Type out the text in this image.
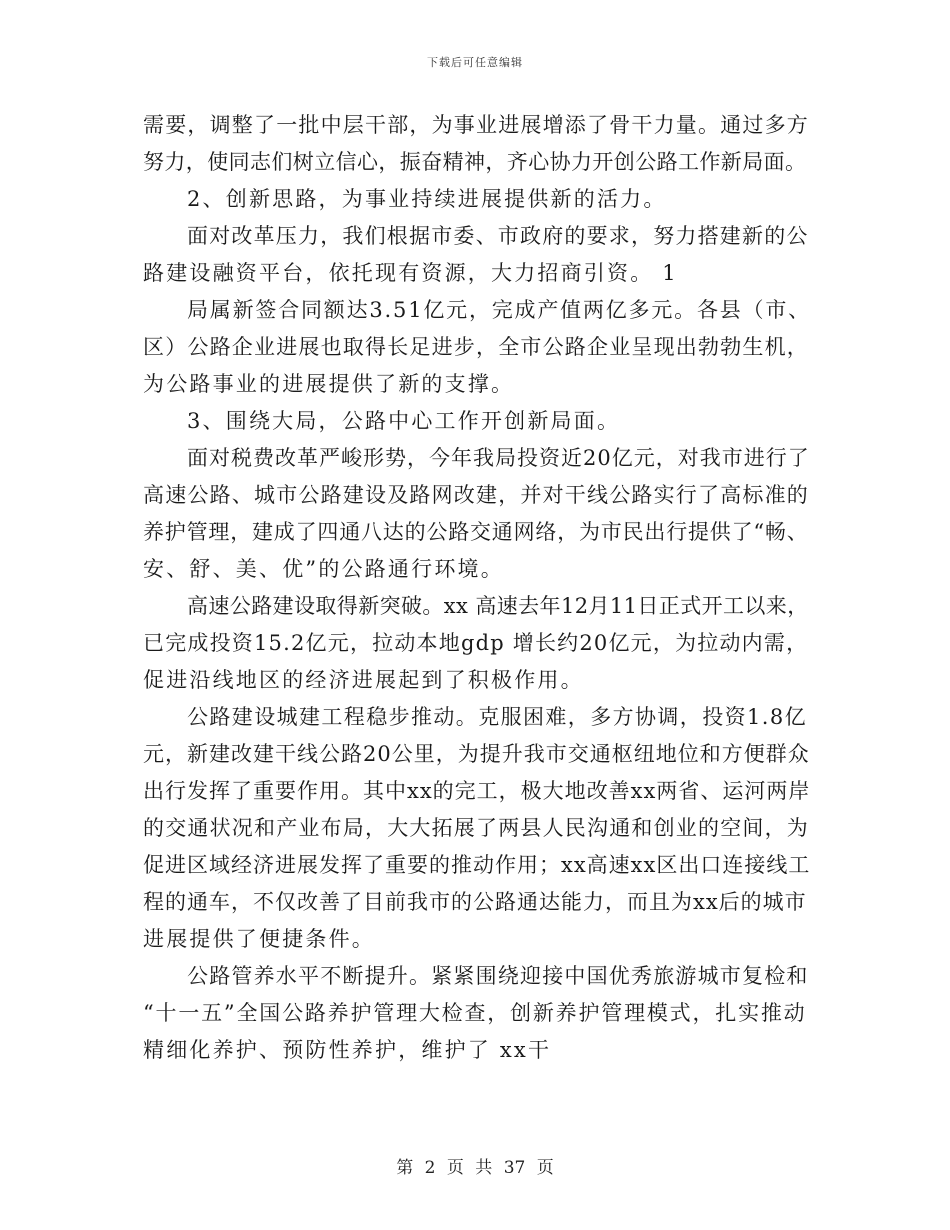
下载后可任意编辑
需要，调整了一批中层干部，为事业进展增添了骨干力量。通过多方
努力，使同志们树立信心，振奋精神，齐心协力开创公路工作新局面。
2、创新思路，为事业持续进展提供新的活力。
面对改革压力，我们根据市委、市政府的要求，努力搭建新的公
路建设融资平台，依托现有资源，大力招商引资。 1
局属新签合同额达3.51亿元，完成产值两亿多元。各县（市、
区）公路企业进展也取得长足进步，全市公路企业呈现出勃勃生机，
为公路事业的进展提供了新的支撑。
3、围绕大局，公路中心工作开创新局面。
面对税费改革严峻形势，今年我局投资近20亿元，对我市进行了
高速公路、城市公路建设及路网改建，并对干线公路实行了高标准的
养护管理，建成了四通八达的公路交通网络，为市民出行提供了“畅、
安、舒、美、优”的公路通行环境。
高速公路建设取得新突破。xx 高速去年12月11日正式开工以来，
已完成投资15.2亿元，拉动本地gdp 增长约20亿元，为拉动内需，
促进沿线地区的经济进展起到了积极作用。
公路建设城建工程稳步推动。克服困难，多方协调，投资1.8亿
元，新建改建干线公路20公里，为提升我市交通枢纽地位和方便群众
出行发挥了重要作用。其中xx的完工，极大地改善xx两省、运河两岸
的交通状况和产业布局，大大拓展了两县人民沟通和创业的空间，为
促进区域经济进展发挥了重要的推动作用；xx高速xx区出口连接线工
程的通车，不仅改善了目前我市的公路通达能力，而且为xx后的城市
进展提供了便捷条件。
公路管养水平不断提升。紧紧围绕迎接中国优秀旅游城市复检和
“十一五”全国公路养护管理大检查，创新养护管理模式，扎实推动
精细化养护、预防性养护，维护了 xx干
第 2 页 共 37 页
